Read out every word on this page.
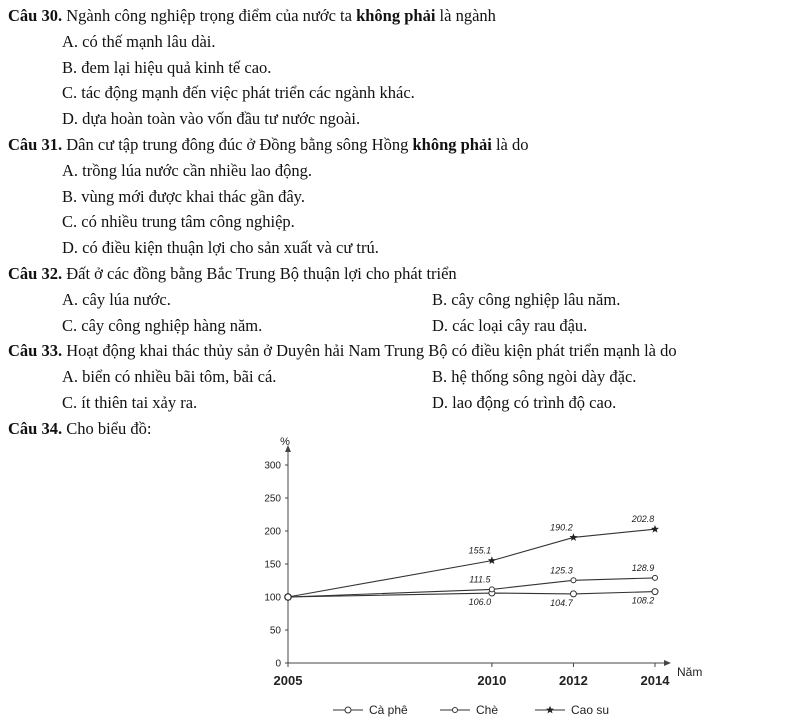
Câu 30. Ngành công nghiệp trọng điểm của nước ta không phải là ngành
A. có thế mạnh lâu dài.
B. đem lại hiệu quả kinh tế cao.
C. tác động mạnh đến việc phát triển các ngành khác.
D. dựa hoàn toàn vào vốn đầu tư nước ngoài.
Câu 31. Dân cư tập trung đông đúc ở Đồng bằng sông Hồng không phải là do
A. trồng lúa nước cần nhiều lao động.
B. vùng mới được khai thác gần đây.
C. có nhiều trung tâm công nghiệp.
D. có điều kiện thuận lợi cho sản xuất và cư trú.
Câu 32. Đất ở các đồng bằng Bắc Trung Bộ thuận lợi cho phát triển
A. cây lúa nước.	B. cây công nghiệp lâu năm.
C. cây công nghiệp hàng năm.	D. các loại cây rau đậu.
Câu 33. Hoạt động khai thác thủy sản ở Duyên hải Nam Trung Bộ có điều kiện phát triển mạnh là do
A. biển có nhiều bãi tôm, bãi cá.	B. hệ thống sông ngòi dày đặc.
C. ít thiên tai xảy ra.	D. lao động có trình độ cao.
Câu 34. Cho biểu đồ:
0
50
100
150
200
250
300
%
2005	2010	2012	2014
Năm
106.0	104.7	108.2
111.5
125.3	128.9
155.1
190.2
202.8
Cà phê	Chè	Cao su
